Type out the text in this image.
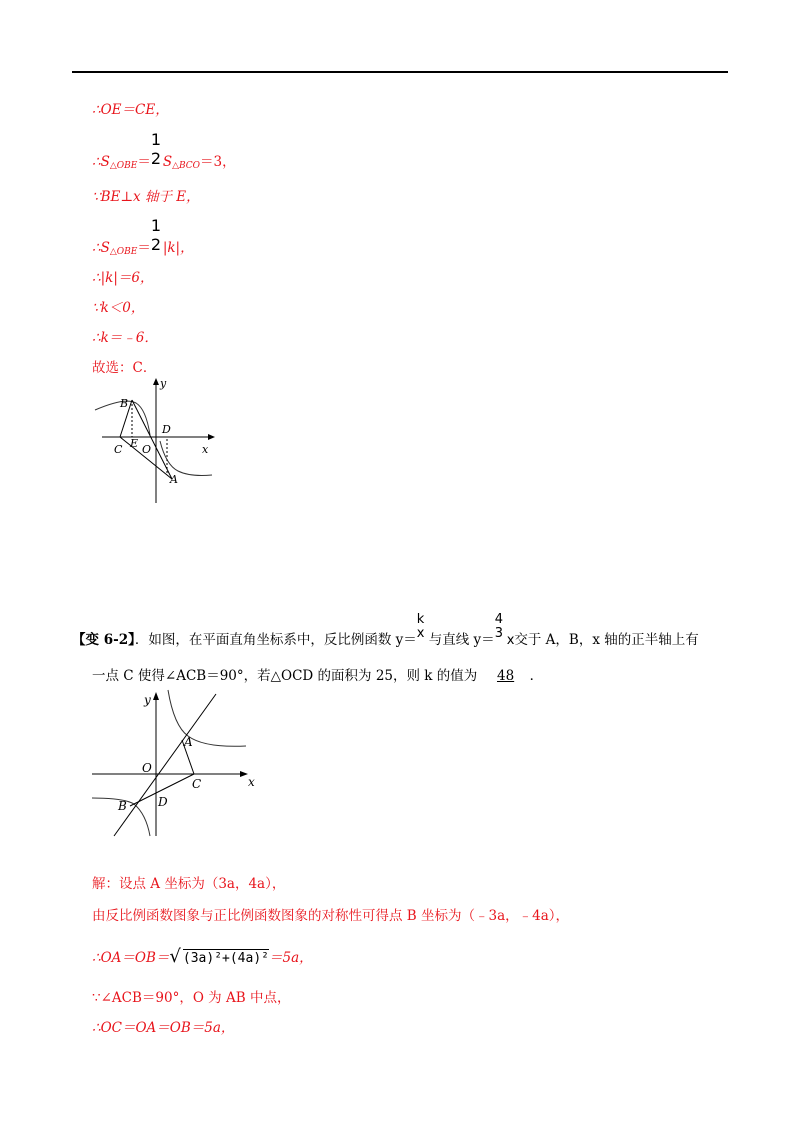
∴OE＝CE，
$\therefore S_{\triangle OBE}=$
1
2 $S_{\triangle BCO}=3$，
∵BE⊥x 轴于 E，
$\therefore S_{\triangle OBE}=$
1
2 |k|，
∴|k|＝6，
∵k＜0，
∴k＝﹣6．
故选：C．
y
x
B
D
C E O
A
【变 6-2】．如图，在平面直角坐标系中，反比例函数 y＝
k
x 与直线 y＝
4
3 x交于 A，B，x 轴的正半轴上有
一点 C 使得∠ACB＝90°，若△OCD 的面积为 25，则 k 的值为 48 ．
y
x
A
O
C
B	D
解：设点 A 坐标为（3a，4a），
由反比例函数图象与正比例函数图象的对称性可得点 B 坐标为（﹣3a，﹣4a），
∴OA＝OB＝√ (3a)²+(4a)²＝5a，
∵∠ACB＝90°，O 为 AB 中点，
∴OC＝OA＝OB＝5a，
